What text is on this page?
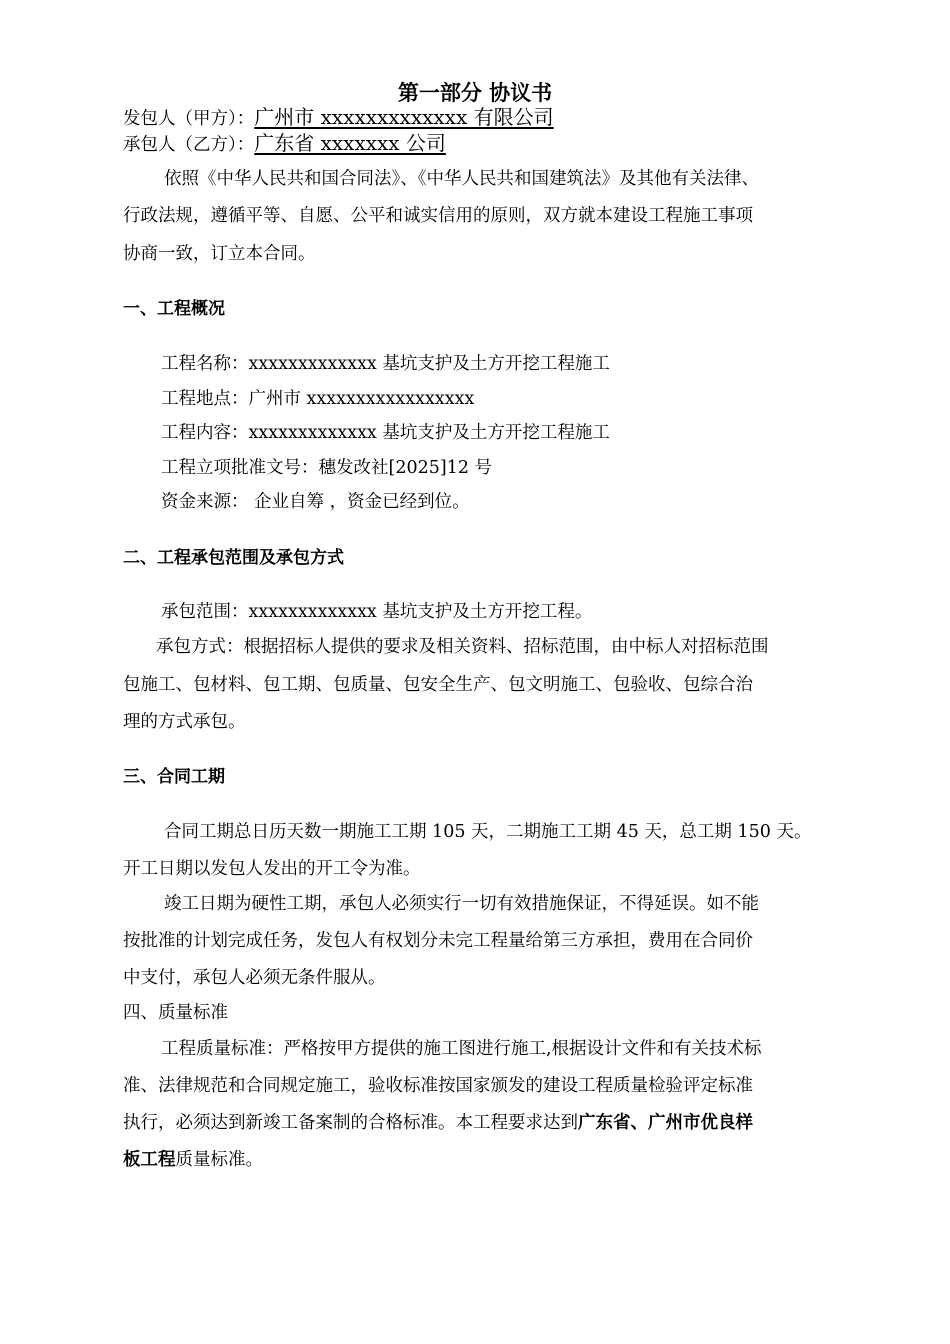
第一部分 协议书
发包人（甲方）：广州市 xxxxxxxxxxxxx 有限公司
承包人（乙方）：广东省 xxxxxxx 公司
依照《中华人民共和国合同法》、《中华人民共和国建筑法》及其他有关法律、
行政法规，遵循平等、自愿、公平和诚实信用的原则，双方就本建设工程施工事项
协商一致，订立本合同。
一、工程概况
工程名称：xxxxxxxxxxxxx 基坑支护及土方开挖工程施工
工程地点：广州市 xxxxxxxxxxxxxxxxx
工程内容：xxxxxxxxxxxxx 基坑支护及土方开挖工程施工
工程立项批准文号：穗发改社[2025]12 号
资金来源： 企业自筹 ，资金已经到位。
二、工程承包范围及承包方式
承包范围：xxxxxxxxxxxxx 基坑支护及土方开挖工程。
承包方式：根据招标人提供的要求及相关资料、招标范围，由中标人对招标范围
包施工、包材料、包工期、包质量、包安全生产、包文明施工、包验收、包综合治
理的方式承包。
三、合同工期
合同工期总日历天数一期施工工期 105 天，二期施工工期 45 天，总工期 150 天。
开工日期以发包人发出的开工令为准。
竣工日期为硬性工期，承包人必须实行一切有效措施保证，不得延误。如不能
按批准的计划完成任务，发包人有权划分未完工程量给第三方承担，费用在合同价
中支付，承包人必须无条件服从。
四、质量标准
工程质量标准：严格按甲方提供的施工图进行施工,根据设计文件和有关技术标
准、法律规范和合同规定施工，验收标准按国家颁发的建设工程质量检验评定标准
执行，必须达到新竣工备案制的合格标准。本工程要求达到广东省、广州市优良样
板工程质量标准。
